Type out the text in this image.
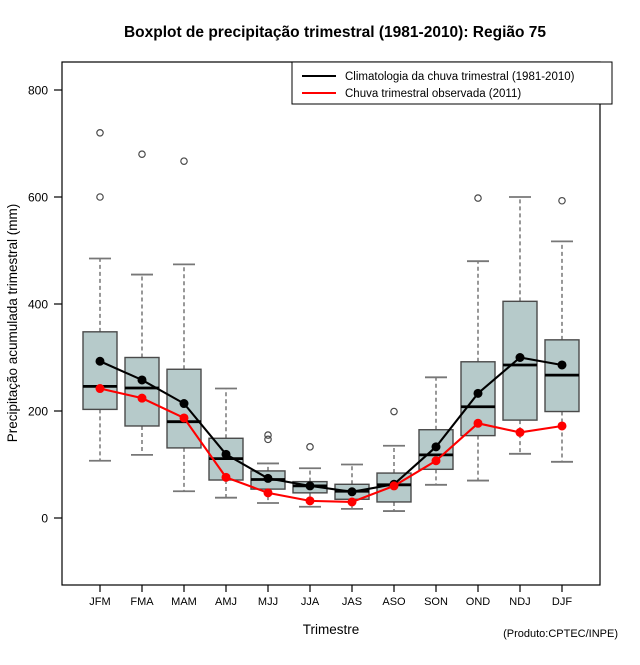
Boxplot de precipitação trimestral (1981-2010): Região 75
0
200
400
600
800
JFM FMA MAM AMJ MJJ JJA JAS ASO SON OND NDJ DJF
Climatologia da chuva trimestral (1981-2010)
Chuva trimestral observada (2011)
Trimestre
Precipitação acumulada trimestral (mm)
(Produto:CPTEC/INPE)
